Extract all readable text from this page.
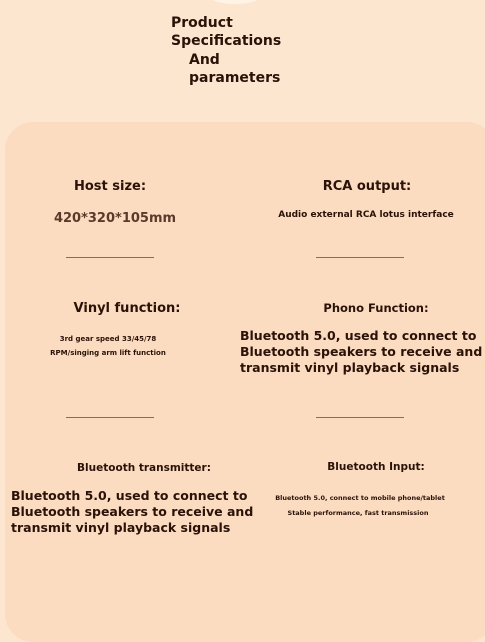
Product
Specifications
And
parameters
Host size:
420*320*105mm
RCA output:
Audio external RCA lotus interface
Vinyl function:
3rd gear speed 33/45/78
RPM/singing arm lift function
Phono Function:
Bluetooth 5.0, used to connect to
Bluetooth speakers to receive and
transmit vinyl playback signals
Bluetooth transmitter:
Bluetooth 5.0, used to connect to
Bluetooth speakers to receive and
transmit vinyl playback signals
Bluetooth Input:
Bluetooth 5.0, connect to mobile phone/tablet
Stable performance, fast transmission
